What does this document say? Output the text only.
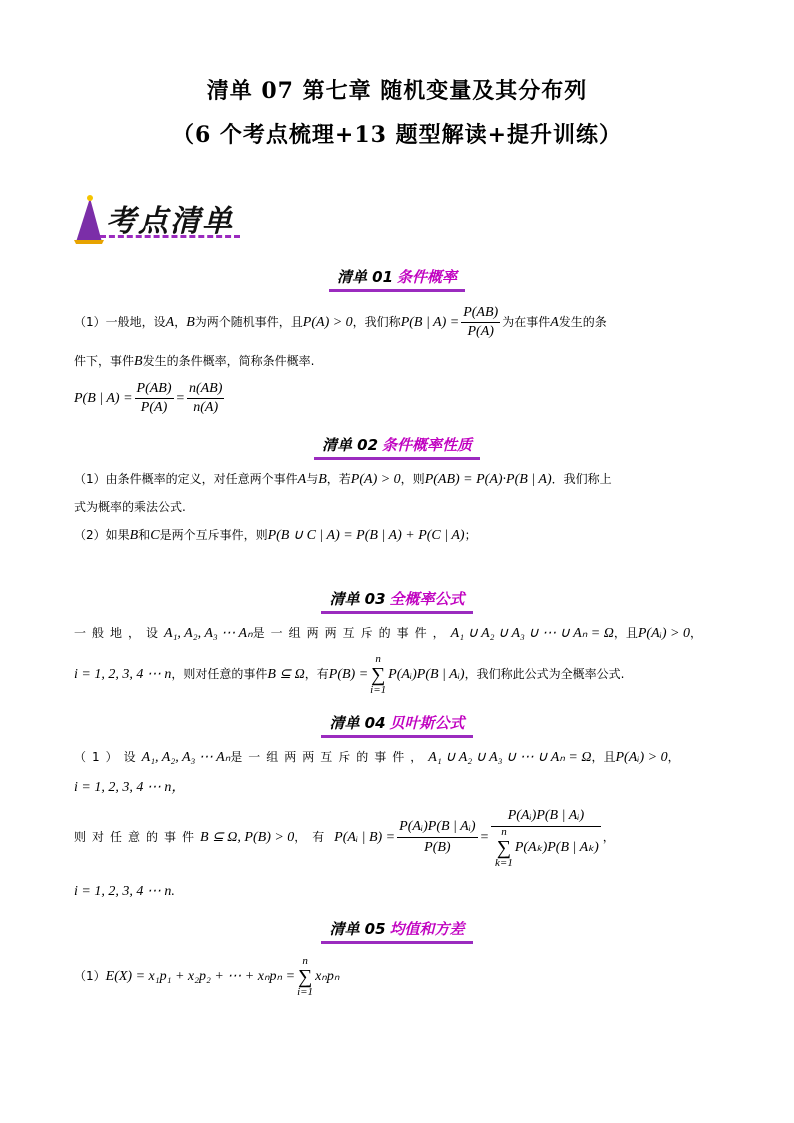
清单 07 第七章 随机变量及其分布列
（6 个考点梳理+13 题型解读+提升训练）
考点清单
清单 01 条件概率
（1）一般地，设A，B为两个随机事件，且P(A) > 0，我们称P(B | $A) = \frac{P(AB)}{P(A)}$ 为在事件A发生的条
件下，事件B发生的条件概率，简称条件概率.
P(B | $A) = \frac{P(AB)}{P(A)} = \frac{n(AB)}{n(A)}$
清单 02 条件概率性质
（1）由条件概率的定义，对任意两个事件A与B，若P(A) > 0，则P(AB) = P(A)·P(B | A)．我们称上
式为概率的乘法公式.
（2）如果B和C是两个互斥事件，则P(B ∪ C | A) = P(B | A) + P(C | A)；
清单 03 全概率公式
一般地，设A₁, A₂, A₃ ⋯ Aₙ是一组两两互斥的事件，A₁ ∪ A₂ ∪ A₃ ∪ ⋯ ∪ Aₙ = Ω，且P(Aᵢ) > 0，
i = 1, 2, 3, 4 ⋯ n，则对任意的事件B ⊆ Ω，有P(B) =n
∑
i=1P(Aᵢ)P(B | Aᵢ)，我们称此公式为全概率公式.
清单 04 贝叶斯公式
（1）设A₁, A₂, A₃ ⋯ Aₙ是一组两两互斥的事件，A₁ ∪ A₂ ∪ A₃ ∪ ⋯ ∪ Aₙ = Ω，且P(Aᵢ) > 0，
i = 1, 2, 3, 4 ⋯ n，
则对任意的事件B ⊆ Ω, P(B) > 0，有 P(Aᵢ | $B) = \frac{\text{P(Aᵢ)P(B | Aᵢ)}}{P(B)}$ =
P(Aᵢ)P(B | Aᵢ)
n
∑
k=1P(Aₖ)P(B | Aₖ)
，
i = 1, 2, 3, 4 ⋯ n.
清单 05 均值和方差
（1）E(X) = x₁p₁ + x₂p₂ + ⋯ + xₙpₙ =n
∑
i=1xₙpₙ
